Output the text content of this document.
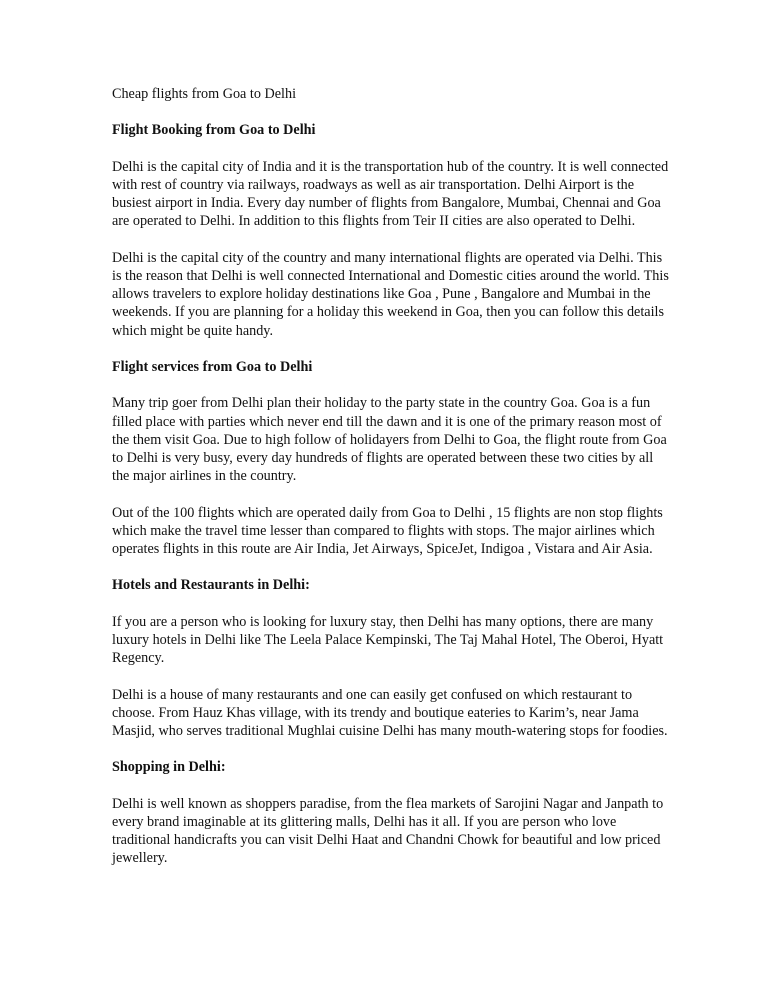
Cheap flights from Goa to Delhi

Flight Booking from Goa to Delhi

Delhi is the capital city of India and it is the transportation hub of the country. It is well connected with rest of country via railways, roadways as well as air transportation. Delhi Airport is the busiest airport in India. Every day number of flights from Bangalore, Mumbai, Chennai and Goa are operated to Delhi. In addition to this flights from Teir II cities are also operated to Delhi.

Delhi is the capital city of the country and many international flights are operated via Delhi. This is the reason that Delhi is well connected International and Domestic cities around the world. This allows travelers to explore holiday destinations like Goa , Pune , Bangalore and Mumbai in the weekends. If you are planning for a holiday this weekend in Goa, then you can follow this details which might be quite handy.

Flight services from Goa to Delhi

Many trip goer from Delhi plan their holiday to the party state in the country Goa. Goa is a fun filled place with parties which never end till the dawn and it is one of the primary reason most of the them visit Goa. Due to high follow of holidayers from Delhi to Goa, the flight route from Goa to Delhi is very busy, every day hundreds of flights are operated between these two cities by all the major airlines in the country.

Out of the 100 flights which are operated daily from Goa to Delhi , 15 flights are non stop flights which make the travel time lesser than compared to flights with stops. The major airlines which operates flights in this route are Air India, Jet Airways, SpiceJet, Indigoa , Vistara and Air Asia.

Hotels and Restaurants in Delhi:

If you are a person who is looking for luxury stay, then Delhi has many options, there are many luxury hotels in Delhi like The Leela Palace Kempinski, The Taj Mahal Hotel, The Oberoi, Hyatt Regency.

Delhi is a house of many restaurants and one can easily get confused on which restaurant to choose. From Hauz Khas village, with its trendy and boutique eateries to Karim’s, near Jama Masjid, who serves traditional Mughlai cuisine Delhi has many mouth-watering stops for foodies.

Shopping in Delhi:

Delhi is well known as shoppers paradise, from the flea markets of Sarojini Nagar and Janpath to every brand imaginable at its glittering malls, Delhi has it all. If you are person who love traditional handicrafts you can visit Delhi Haat and Chandni Chowk for beautiful and low priced jewellery.
